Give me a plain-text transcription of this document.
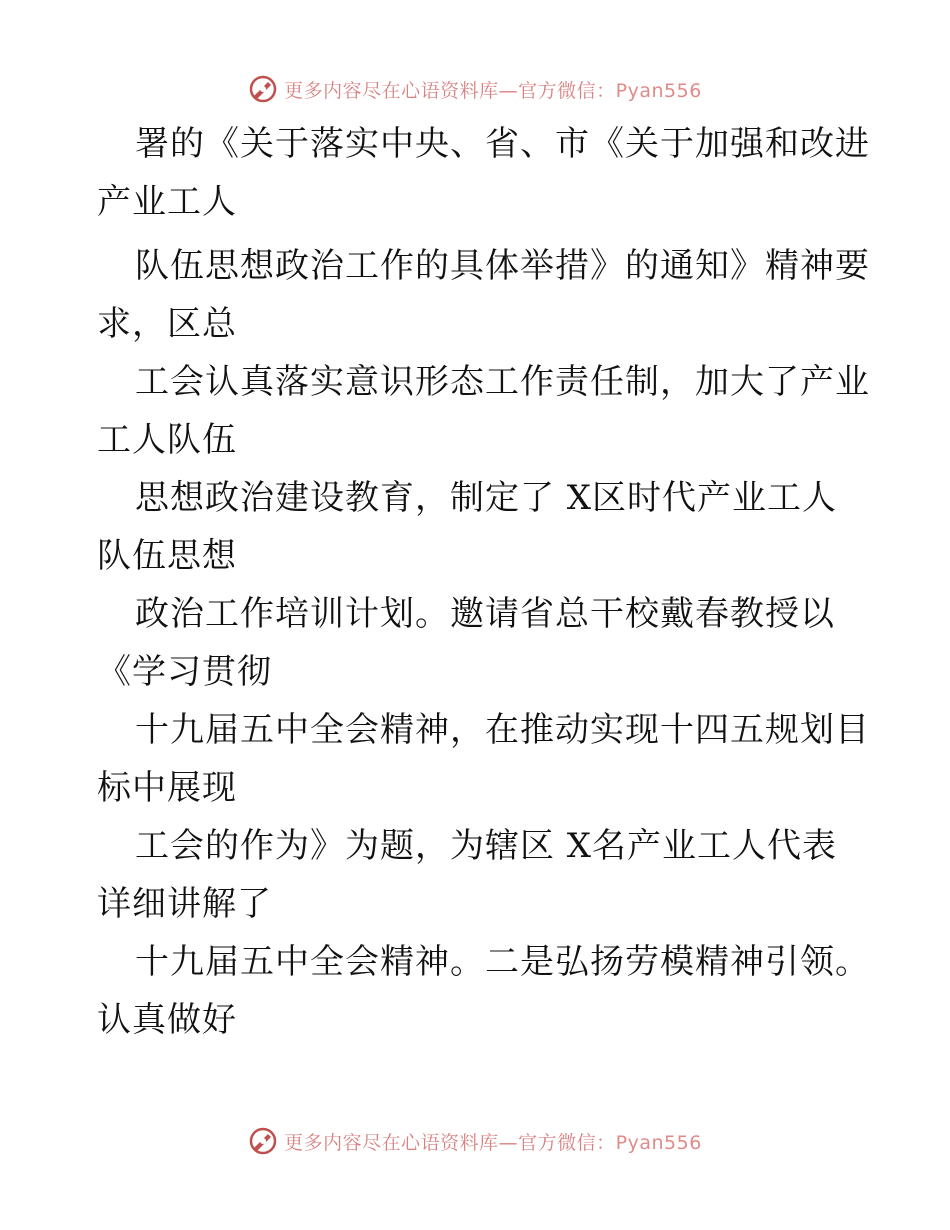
更多内容尽在心语资料库—官方微信：Pyan556
署的《关于落实中央、省、市《关于加强和改进
产业工人
队伍思想政治工作的具体举措》的通知》精神要
求，区总
工会认真落实意识形态工作责任制，加大了产业
工人队伍
思想政治建设教育，制定了 X区时代产业工人
队伍思想
政治工作培训计划。邀请省总干校戴春教授以
《学习贯彻
十九届五中全会精神，在推动实现十四五规划目
标中展现
工会的作为》为题，为辖区 X名产业工人代表
详细讲解了
十九届五中全会精神。二是弘扬劳模精神引领。
认真做好
更多内容尽在心语资料库—官方微信：Pyan556
